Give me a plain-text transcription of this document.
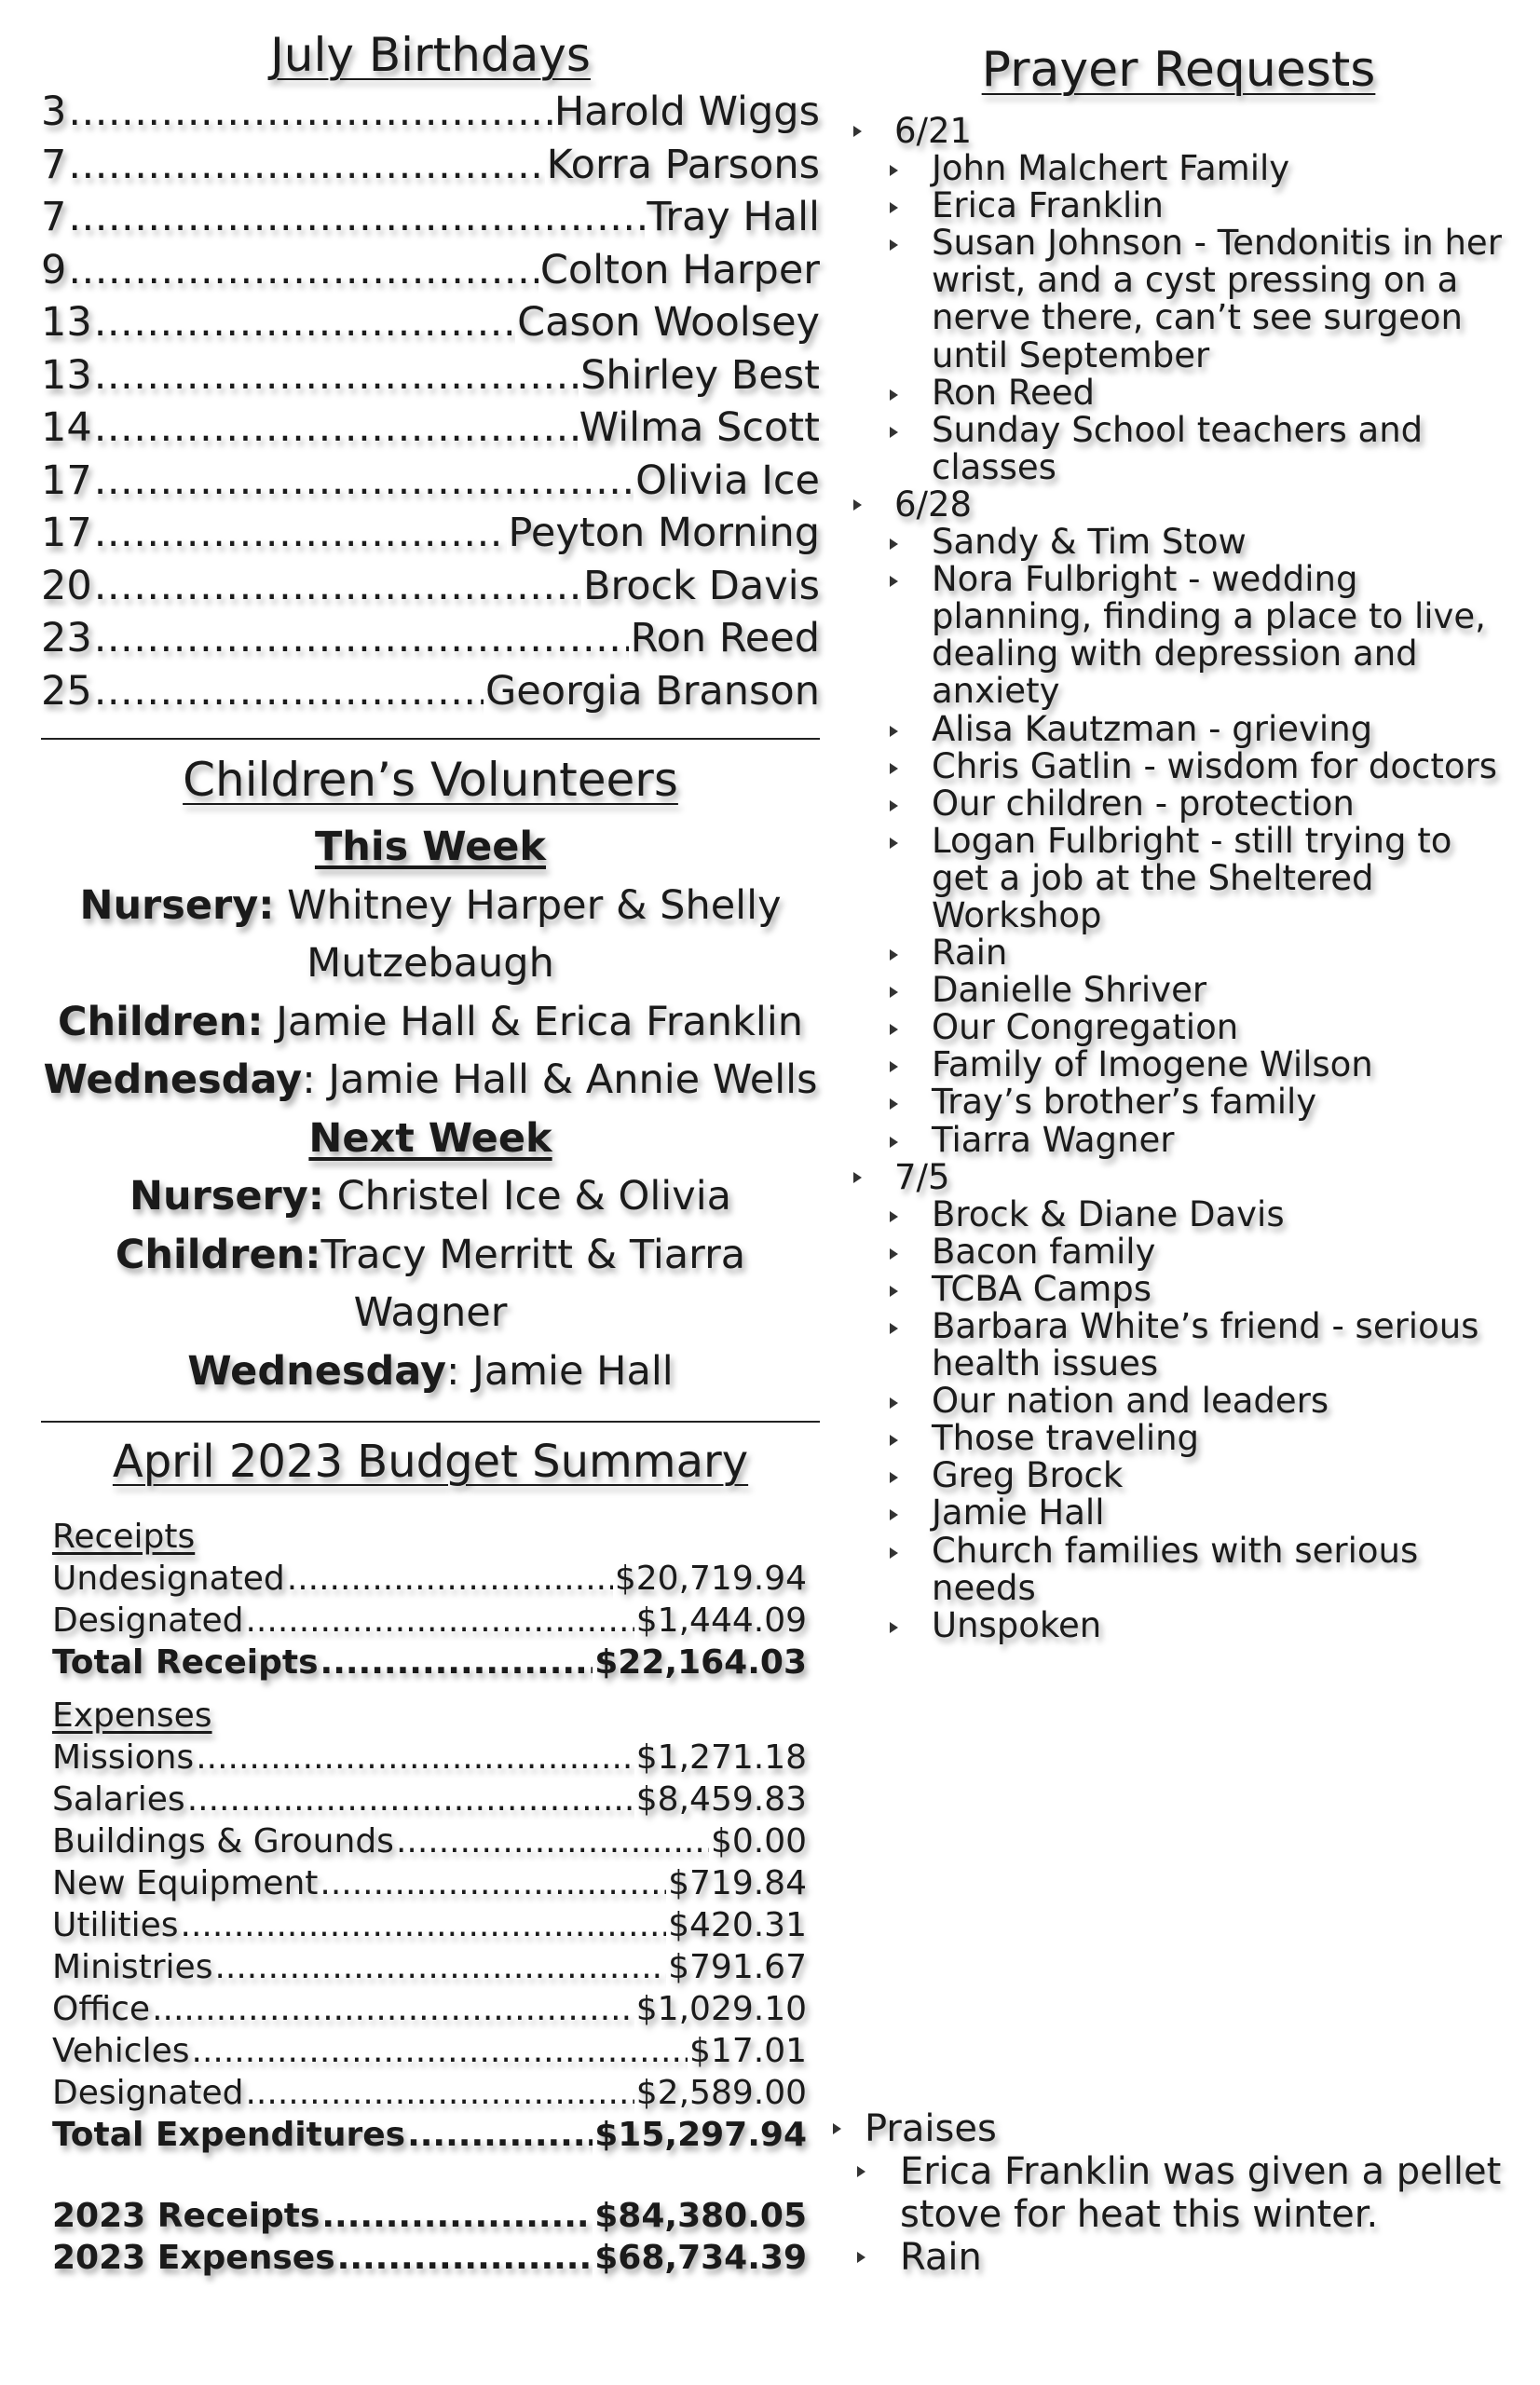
July Birthdays
3 .....	Harold Wiggs
7 .....	Korra Parsons
7 .....	Tray Hall
9 .....	Colton Harper
13 .....	Cason Woolsey
13 .....	Shirley Best
14 .....	Wilma Scott
17 .....	Olivia Ice
17 .....	Peyton Morning
20 .....	Brock Davis
23 .....	Ron Reed
25 .....	Georgia Branson
Children’s Volunteers
This Week
Nursery: Whitney Harper & Shelly Mutzebaugh
Children: Jamie Hall & Erica Franklin
Wednesday: Jamie Hall & Annie Wells
Next Week
Nursery: Christel Ice & Olivia
Children:Tracy Merritt & Tiarra Wagner
Wednesday: Jamie Hall
April 2023 Budget Summary
Receipts
Undesignated .....	$20,719.94
Designated .....	$1,444.09
Total Receipts .....	$22,164.03
Expenses
Missions .....	$1,271.18
Salaries .....	$8,459.83
Buildings & Grounds .....	$0.00
New Equipment .....	$719.84
Utilities .....	$420.31
Ministries .....	$791.67
Office .....	$1,029.10
Vehicles .....	$17.01
Designated .....	$2,589.00
Total Expenditures .....	$15,297.94
2023 Receipts .....	$84,380.05
2023 Expenses .....	$68,734.39
Prayer Requests
6/21
John Malchert Family
Erica Franklin
Susan Johnson - Tendonitis in her wrist, and a cyst pressing on a nerve there, can’t see surgeon until September
Ron Reed
Sunday School teachers and classes
6/28
Sandy & Tim Stow
Nora Fulbright - wedding planning, finding a place to live, dealing with depression and anxiety
Alisa Kautzman - grieving
Chris Gatlin - wisdom for doctors
Our children - protection
Logan Fulbright - still trying to get a job at the Sheltered Workshop
Rain
Danielle Shriver
Our Congregation
Family of Imogene Wilson
Tray’s brother’s family
Tiarra Wagner
7/5
Brock & Diane Davis
Bacon family
TCBA Camps
Barbara White’s friend - serious health issues
Our nation and leaders
Those traveling
Greg Brock
Jamie Hall
Church families with serious needs
Unspoken
Praises
Erica Franklin was given a pellet stove for heat this winter.
Rain
